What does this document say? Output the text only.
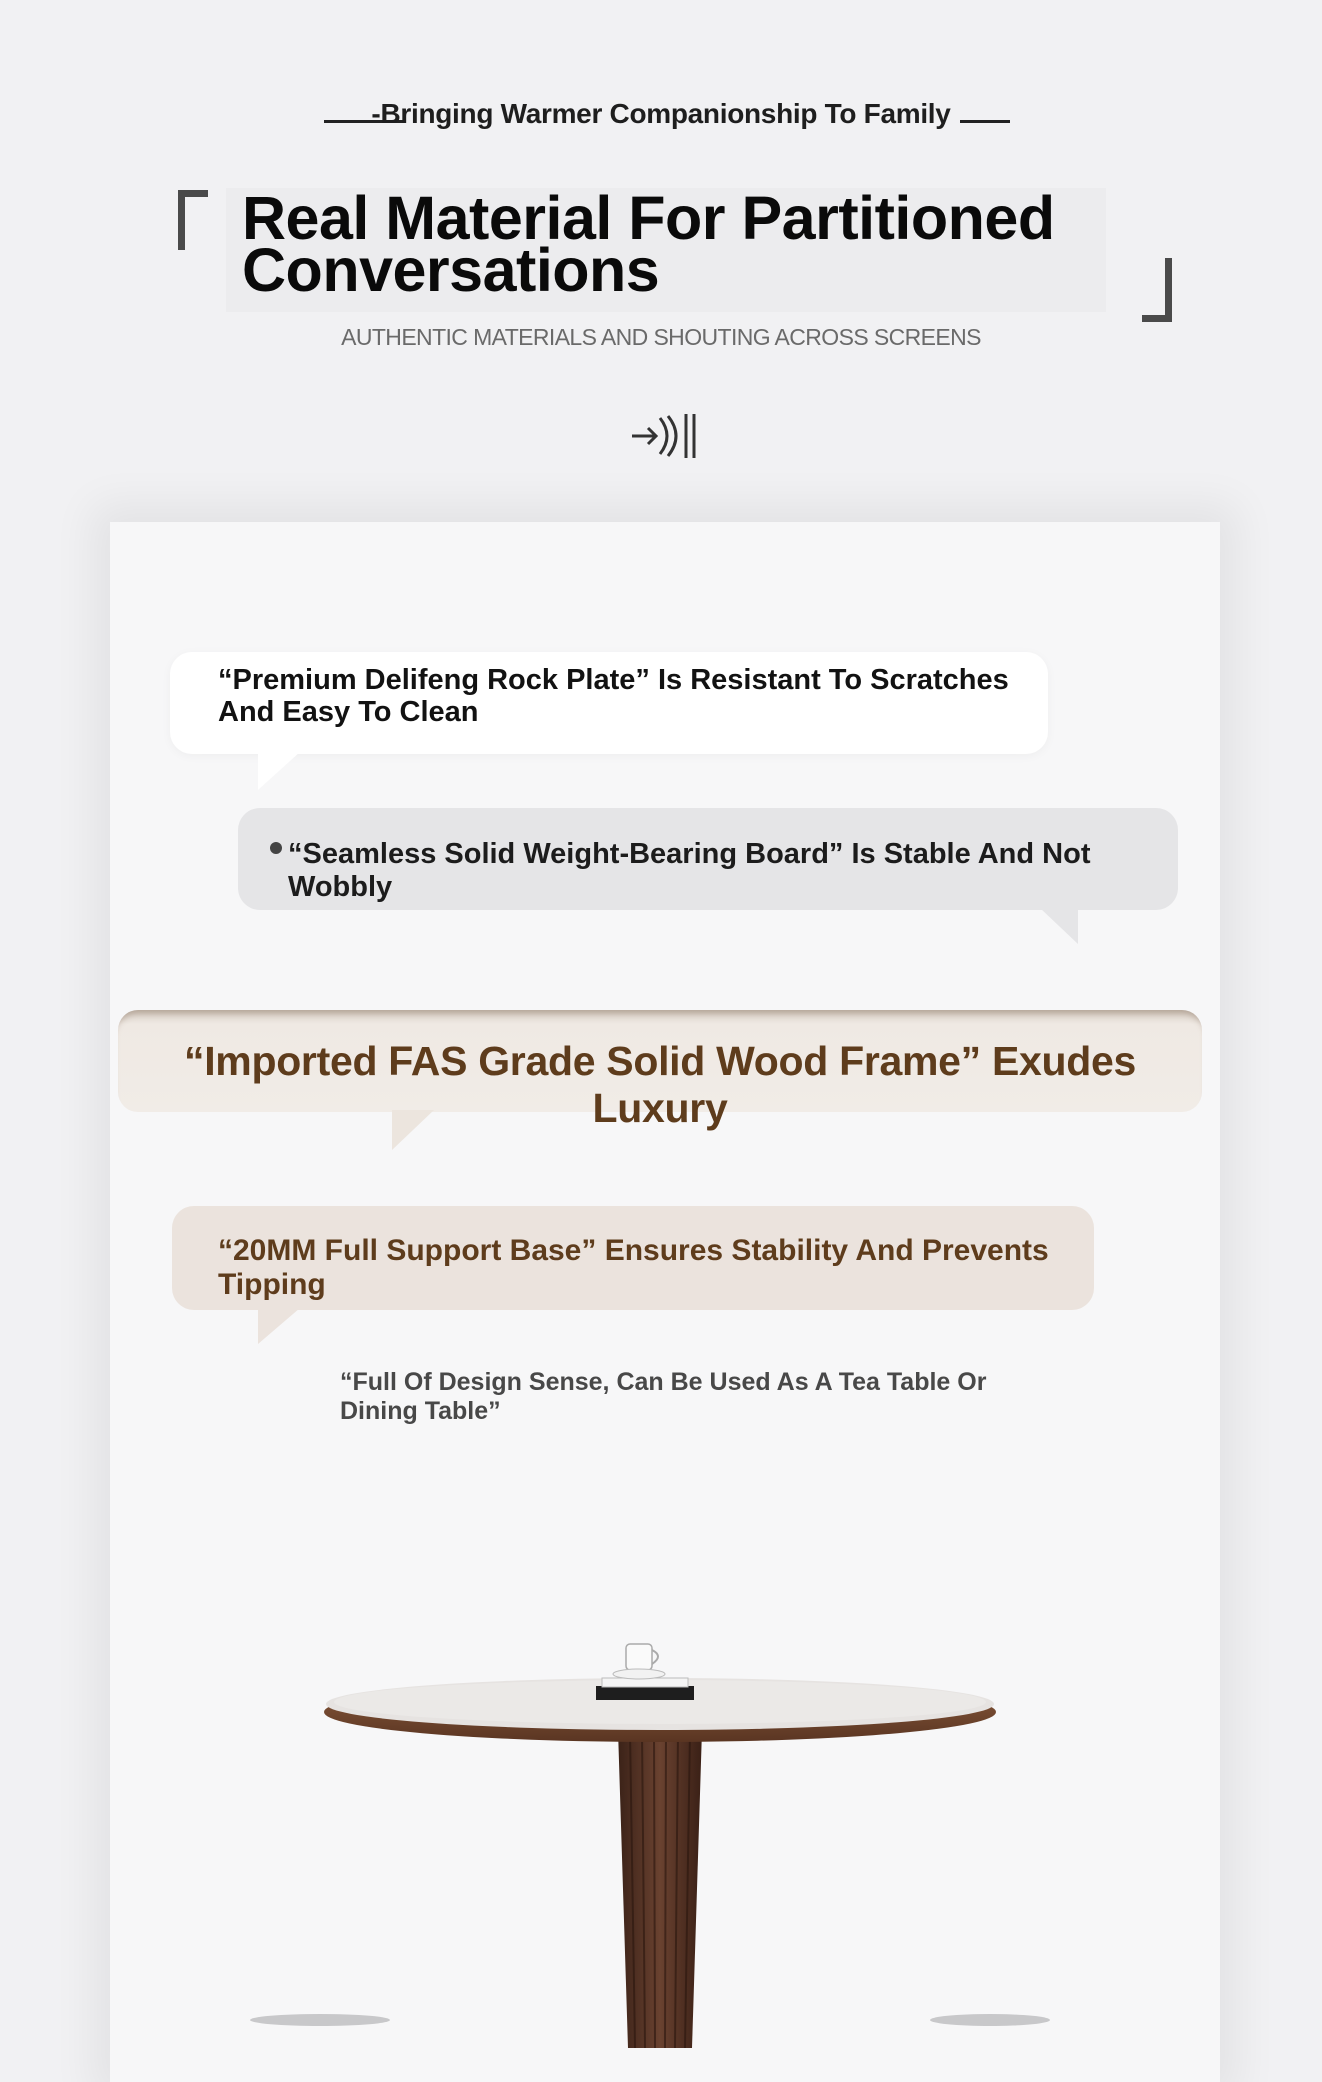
-Bringing Warmer Companionship To Family
Real Material For Partitioned
Conversations
AUTHENTIC MATERIALS AND SHOUTING ACROSS SCREENS
“Premium Delifeng Rock Plate” Is Resistant To Scratches And Easy To Clean
“Seamless Solid Weight-Bearing Board” Is Stable And Not Wobbly
“Imported FAS Grade Solid Wood Frame” Exudes Luxury
“20MM Full Support Base” Ensures Stability And Prevents Tipping
“Full Of Design Sense, Can Be Used As A Tea Table Or Dining Table”
